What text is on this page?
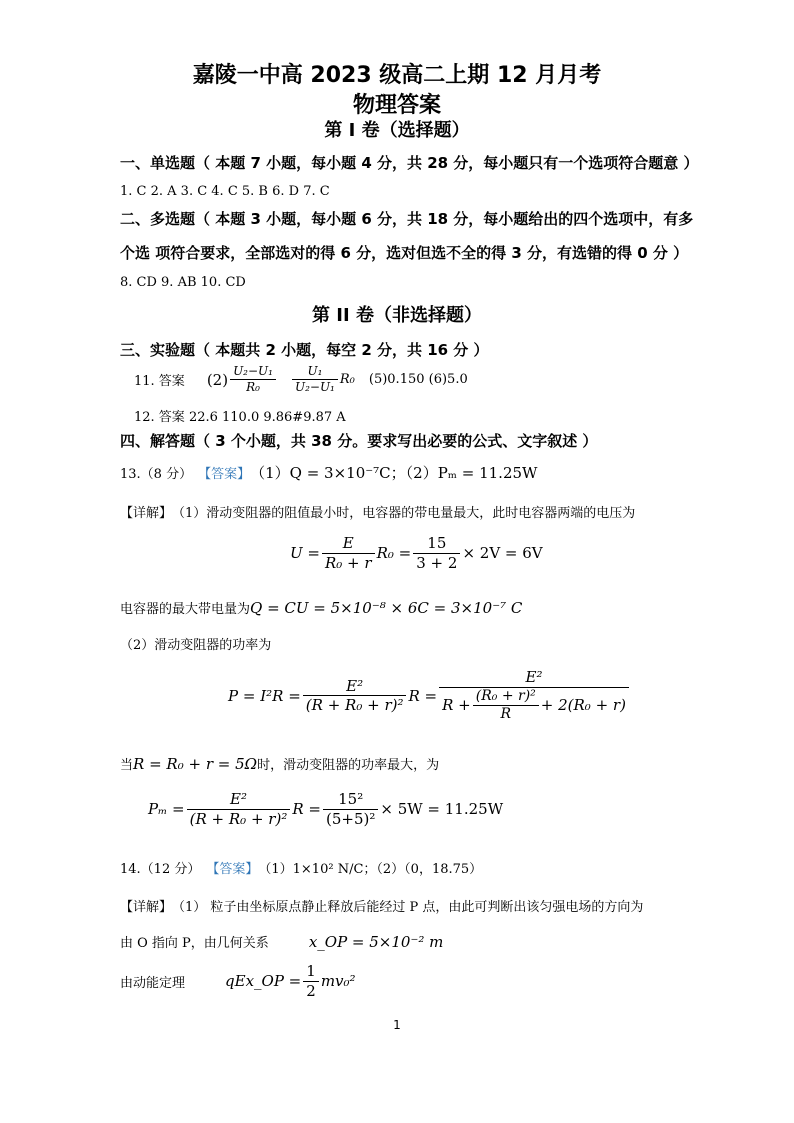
嘉陵一中高 2023 级高二上期 12 月月考
物理答案
第 I 卷（选择题）
一、单选题（ 本题 7 小题，每小题 4 分，共 28 分，每小题只有一个选项符合题意 ）
1. C 2. A 3. C 4. C 5. B 6. D 7. C
二、多选题（ 本题 3 小题，每小题 6 分，共 18 分，每小题给出的四个选项中，有多
个选 项符合要求，全部选对的得 6 分，选对但选不全的得 3 分，有选错的得 0 分 ）
8. CD 9. AB 10. CD
第 II 卷（非选择题）
三、实验题（ 本题共 2 小题，每空 2 分，共 16 分 ）
11. 答案 $(2) \frac{\text{U₂−U₁}}{\text{R₀}} \frac{\text{U₁}}{\text{U₂−U₁}} R_0$ (5)0.150 (6)5.0
12. 答案 22.6 110.0 9.86#9.87 A
四、解答题（ 3 个小题，共 38 分。要求写出必要的公式、文字叙述 ）
13.（8 分） 【答案】 （1）Q = 3×10⁻⁷C；（2）Pₘ = 11.25W
【详解】 （1）滑动变阻器的阻值最小时，电容器的带电量最大，此时电容器两端的电压为
$U = \frac{E}{\text{R₀ + r}} R_0 = \frac{15}{3 + 2} \times 2V = 6V$
电容器的最大带电量为 Q = CU = 5×10⁻⁸ × 6C = 3×10⁻⁷ C
（2）滑动变阻器的功率为
$P = I^2R = \frac{\text{E²}}{\text{(R + R₀ + r)²}}$ R =
E²
$R + \frac{\text{(R₀ + r)²}}{R} + 2(R_0 + r)$
当 R = R₀ + r = 5Ω 时，滑动变阻器的功率最大，为
$P_m = \frac{\text{E²}}{\text{(R + R₀ + r)²}}$ $R = \frac{\text{15²}}{\text{(5+5)²}} \times 5W = 11.25W$
14.（12 分） 【答案】 （1）1×10² N/C；（2）（0，18.75）
【详解】 （1） 粒子由坐标原点静止释放后能经过 P 点，由此可判断出该匀强电场的方向为
由 O 指向 P，由几何关系	x_OP = 5×10⁻² m
由动能定理	qEx_OP = $\frac{1}{2} mv_0^2$
1
